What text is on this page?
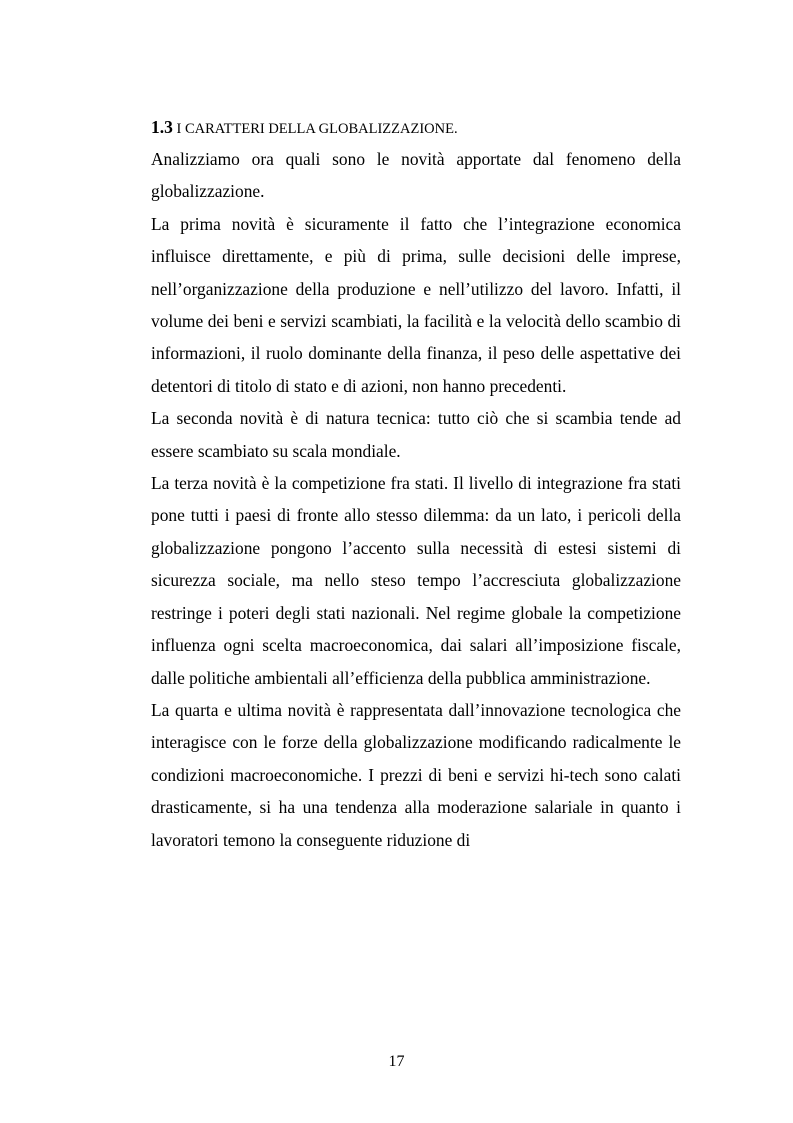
1.3 I CARATTERI DELLA GLOBALIZZAZIONE.

Analizziamo ora quali sono le novità apportate dal fenomeno della globalizzazione.

La prima novità è sicuramente il fatto che l’integrazione economica influisce direttamente, e più di prima, sulle decisioni delle imprese, nell’organizzazione della produzione e nell’utilizzo del lavoro. Infatti, il volume dei beni e servizi scambiati, la facilità e la velocità dello scambio di informazioni, il ruolo dominante della finanza, il peso delle aspettative dei detentori di titolo di stato e di azioni, non hanno precedenti.

La seconda novità è di natura tecnica: tutto ciò che si scambia tende ad essere scambiato su scala mondiale.

La terza novità è la competizione fra stati. Il livello di integrazione fra stati pone tutti i paesi di fronte allo stesso dilemma: da un lato, i pericoli della globalizzazione pongono l’accento sulla necessità di estesi sistemi di sicurezza sociale, ma nello steso tempo l’accresciuta globalizzazione restringe i poteri degli stati nazionali. Nel regime globale la competizione influenza ogni scelta macroeconomica, dai salari all’imposizione fiscale, dalle politiche ambientali all’efficienza della pubblica amministrazione.

La quarta e ultima novità è rappresentata dall’innovazione tecnologica che interagisce con le forze della globalizzazione modificando radicalmente le condizioni macroeconomiche. I prezzi di beni e servizi hi-tech sono calati drasticamente, si ha una tendenza alla moderazione salariale in quanto i lavoratori temono la conseguente riduzione di

17
